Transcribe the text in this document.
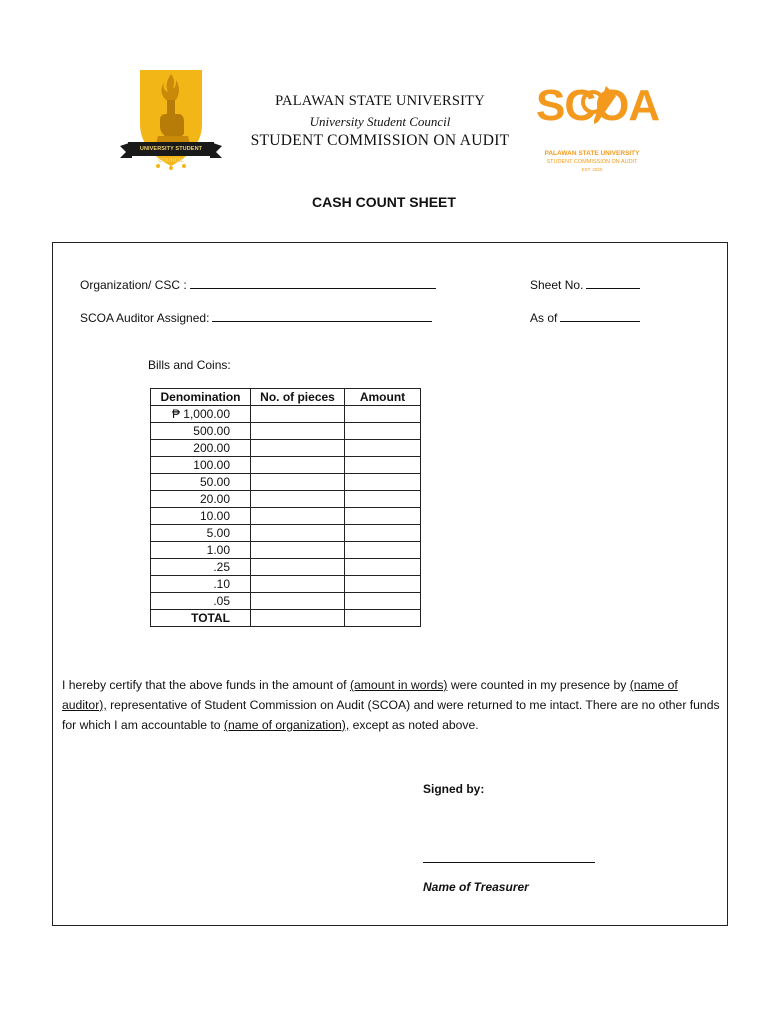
UNIVERSITY STUDENT COUNCIL
SCOA
PALAWAN STATE UNIVERSITY
STUDENT COMMISSION ON AUDIT
EST. 2020
PALAWAN STATE UNIVERSITY
University Student Council
STUDENT COMMISSION ON AUDIT
CASH COUNT SHEET
Organization/ CSC :	Sheet No.
SCOA Auditor Assigned:	As of
Bills and Coins:
Denomination	No. of pieces	Amount
₱ 1,000.00		
500.00		
200.00		
100.00		
50.00		
20.00		
10.00		
5.00		
1.00		
.25		
.10		
.05		
TOTAL		
I hereby certify that the above funds in the amount of (amount in words) were counted in my presence by (name of auditor), representative of Student Commission on Audit (SCOA) and were returned to me intact. There are no other funds for which I am accountable to (name of organization), except as noted above.
Signed by:
Name of Treasurer
